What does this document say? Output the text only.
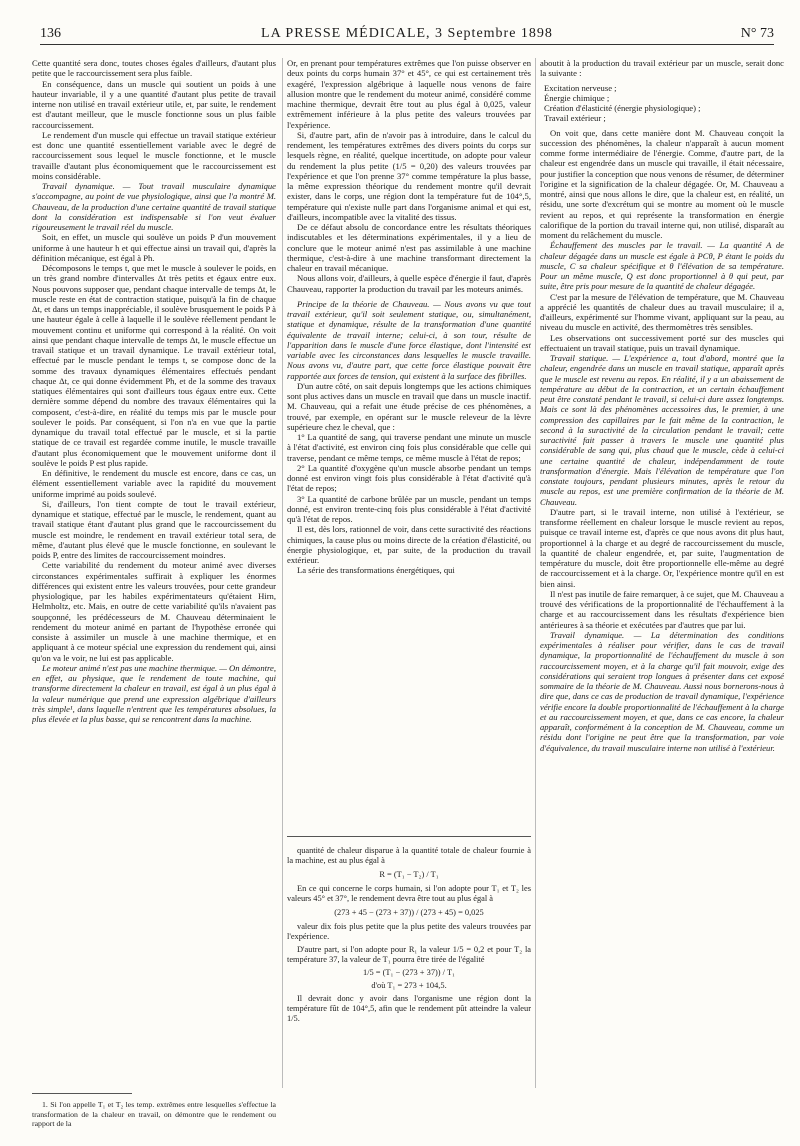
136	LA PRESSE MÉDICALE, 3 Septembre 1898	N° 73

Cette quantité sera donc, toutes choses égales d'ailleurs, d'autant plus petite que le raccourcissement sera plus faible.

En conséquence, dans un muscle qui soutient un poids à une hauteur invariable, il y a une quantité d'autant plus petite de travail interne non utilisé en travail extérieur utile, et, par suite, le rendement est d'autant meilleur, que le muscle fonctionne sous un plus faible raccourcissement.

Le rendement d'un muscle qui effectue un travail statique extérieur est donc une quantité essentiellement variable avec le degré de raccourcissement sous lequel le muscle fonctionne, et le muscle travaille d'autant plus économiquement que le raccourcissement est moins considérable.

Travail dynamique. — Tout travail musculaire dynamique s'accompagne, au point de vue physiologique, ainsi que l'a montré M. Chauveau, de la production d'une certaine quantité de travail statique dont la considération est indispensable si l'on veut évaluer rigoureusement le travail réel du muscle.

Soit, en effet, un muscle qui soulève un poids P d'un mouvement uniforme à une hauteur h et qui effectue ainsi un travail qui, d'après la définition mécanique, est égal à Ph.

Décomposons le temps t, que met le muscle à soulever le poids, en un très grand nombre d'intervalles Δt très petits et égaux entre eux. Nous pouvons supposer que, pendant chaque intervalle de temps Δt, le muscle reste en état de contraction statique, puisqu'à la fin de chaque Δt, et dans un temps inappréciable, il soulève brusquement le poids P à une hauteur égale à celle à laquelle il le soulève réellement pendant le mouvement continu et uniforme qui correspond à la réalité. On voit ainsi que pendant chaque intervalle de temps Δt, le muscle effectue un travail statique et un travail dynamique. Le travail extérieur total, effectué par le muscle pendant le temps t, se compose donc de la somme des travaux dynamiques élémentaires effectués pendant chaque Δt, ce qui donne évidemment Ph, et de la somme des travaux statiques élémentaires qui sont d'ailleurs tous égaux entre eux. Cette dernière somme dépend du nombre des travaux élémentaires qui la composent, c'est-à-dire, en réalité du temps mis par le muscle pour soulever le poids. Par conséquent, si l'on n'a en vue que la partie dynamique du travail total effectué par le muscle, et si la partie statique de ce travail est regardée comme inutile, le muscle travaille d'autant plus économiquement que le mouvement uniforme dont il soulève le poids P est plus rapide.

En définitive, le rendement du muscle est encore, dans ce cas, un élément essentiellement variable avec la rapidité du mouvement uniforme imprimé au poids soulevé.

Si, d'ailleurs, l'on tient compte de tout le travail extérieur, dynamique et statique, effectué par le muscle, le rendement, quant au travail statique étant d'autant plus grand que le raccourcissement du muscle est moindre, le rendement en travail extérieur total sera, de même, d'autant plus élevé que le muscle fonctionne, en soulevant le poids P, entre des limites de raccourcissement moindres.

Cette variabilité du rendement du moteur animé avec diverses circonstances expérimentales suffirait à expliquer les énormes différences qui existent entre les valeurs trouvées, pour cette grandeur physiologique, par les habiles expérimentateurs qu'étaient Hirn, Helmholtz, etc. Mais, en outre de cette variabilité qu'ils n'avaient pas soupçonné, les prédécesseurs de M. Chauveau déterminaient le rendement du moteur animé en partant de l'hypothèse erronée qui consiste à assimiler un muscle à une machine thermique, et en appliquant à ce moteur spécial une expression du rendement qui, ainsi qu'on va le voir, ne lui est pas applicable.

Le moteur animé n'est pas une machine thermique. — On démontre, en effet, au physique, que le rendement de toute machine, qui transforme directement la chaleur en travail, est égal à un plus égal à la valeur numérique que prend une expression algébrique d'ailleurs très simple¹, dans laquelle n'entrent que les températures absolues, la plus élevée et la plus basse, qui se rencontrent dans la machine.

Or, en prenant pour températures extrêmes que l'on puisse observer en deux points du corps humain 37° et 45°, ce qui est certainement très exagéré, l'expression algébrique à laquelle nous venons de faire allusion montre que le rendement du moteur animé, considéré comme machine thermique, devrait être tout au plus égal à 0,025, valeur extrêmement inférieure à la plus petite des valeurs trouvées par l'expérience.

Si, d'autre part, afin de n'avoir pas à introduire, dans le calcul du rendement, les températures extrêmes des divers points du corps sur lesquels règne, en réalité, quelque incertitude, on adopte pour valeur du rendement la plus petite (1/5 = 0,20) des valeurs trouvées par l'expérience et que l'on prenne 37° comme température la plus basse, la même expression théorique du rendement montre qu'il devrait exister, dans le corps, une région dont la température fut de 104°,5, température qui n'existe nulle part dans l'organisme animal et qui est, d'ailleurs, incompatible avec la vitalité des tissus.

De ce défaut absolu de concordance entre les résultats théoriques indiscutables et les déterminations expérimentales, il y a lieu de conclure que le moteur animé n'est pas assimilable à une machine thermique, c'est-à-dire à une machine transformant directement la chaleur en travail mécanique.

Nous allons voir, d'ailleurs, à quelle espèce d'énergie il faut, d'après Chauveau, rapporter la production du travail par les moteurs animés.

Principe de la théorie de Chauveau. — Nous avons vu que tout travail extérieur, qu'il soit seulement statique, ou, simultanément, statique et dynamique, résulte de la transformation d'une quantité équivalente de travail interne; celui-ci, à son tour, résulte de l'apparition dans le muscle d'une force élastique, dont l'intensité est variable avec les circonstances dans lesquelles le muscle travaille. Nous avons vu, d'autre part, que cette force élastique pouvait être rapportée aux forces de tension, qui existent à la surface des fibrilles.

D'un autre côté, on sait depuis longtemps que les actions chimiques sont plus actives dans un muscle en travail que dans un muscle inactif. M. Chauveau, qui a refait une étude précise de ces phénomènes, a trouvé, par exemple, en opérant sur le muscle releveur de la lèvre supérieure chez le cheval, que :

1° La quantité de sang, qui traverse pendant une minute un muscle à l'état d'activité, est environ cinq fois plus considérable que celle qui traverse, pendant ce même temps, ce même muscle à l'état de repos;

2° La quantité d'oxygène qu'un muscle absorbe pendant un temps donné est environ vingt fois plus considérable à l'état d'activité qu'à l'état de repos;

3° La quantité de carbone brûlée par un muscle, pendant un temps donné, est environ trente-cinq fois plus considérable à l'état d'activité qu'à l'état de repos.

Il est, dès lors, rationnel de voir, dans cette suractivité des réactions chimiques, la cause plus ou moins directe de la création d'élasticité, ou énergie physiologique, et, par suite, de la production du travail extérieur.

La série des transformations énergétiques, qui

quantité de chaleur disparue à la quantité totale de chaleur fournie à la machine, est au plus égal à

R = (T₁ − T₂) / T₁

En ce qui concerne le corps humain, si l'on adopte pour T₁ et T₂ les valeurs 45° et 37°, le rendement devra être tout au plus égal à

(273 + 45 − (273 + 37)) / (273 + 45) = 0,025

valeur dix fois plus petite que la plus petite des valeurs trouvées par l'expérience.

D'autre part, si l'on adopte pour R₁ la valeur 1/5 = 0,2 et pour T₂ la température 37, la valeur de T₁ pourra être tirée de l'égalité

1/5 = (T₁ − (273 + 37)) / T₁

d'où T₁ = 273 + 104,5.

Il devrait donc y avoir dans l'organisme une région dont la température fût de 104°,5, afin que le rendement pût atteindre la valeur 1/5.

1. Si l'on appelle T₁ et T₂ les temp. extrêmes entre lesquelles s'effectue la transformation de la chaleur en travail, on démontre que le rendement ou rapport de la

aboutit à la production du travail extérieur par un muscle, serait donc la suivante :

Excitation nerveuse ;

Énergie chimique ;

Création d'élasticité (énergie physiologique) ;

Travail extérieur ;

On voit que, dans cette manière dont M. Chauveau conçoit la succession des phénomènes, la chaleur n'apparaît à aucun moment comme forme intermédiaire de l'énergie. Comme, d'autre part, de la chaleur est engendrée dans un muscle qui travaille, il était nécessaire, pour justifier la conception que nous venons de résumer, de déterminer l'origine et la signification de la chaleur dégagée. Or, M. Chauveau a montré, ainsi que nous allons le dire, que la chaleur est, en réalité, un résidu, une sorte d'excrétum qui se montre au moment où le muscle revient au repos, et qui représente la transformation en énergie calorifique de la portion du travail interne qui, non utilisé, disparaît au moment du relâchement du muscle.

Échauffement des muscles par le travail. — La quantité A de chaleur dégagée dans un muscle est égale à PCθ, P étant le poids du muscle, C sa chaleur spécifique et θ l'élévation de sa température. Pour un même muscle, Q est donc proportionnel à θ qui peut, par suite, être pris pour mesure de la quantité de chaleur dégagée.

C'est par la mesure de l'élévation de température, que M. Chauveau a apprécié les quantités de chaleur dues au travail musculaire; il a, d'ailleurs, expérimenté sur l'homme vivant, appliquant sur la peau, au niveau du muscle en activité, des thermomètres très sensibles.

Les observations ont successivement porté sur des muscles qui effectuaient un travail statique, puis un travail dynamique.

Travail statique. — L'expérience a, tout d'abord, montré que la chaleur, engendrée dans un muscle en travail statique, apparaît après que le muscle est revenu au repos. En réalité, il y a un abaissement de température au début de la contraction, et un certain échauffement peut être constaté pendant le travail, si celui-ci dure assez longtemps. Mais ce sont là des phénomènes accessoires dus, le premier, à une compression des capillaires par le fait même de la contraction, le second à la suractivité de la circulation pendant le travail; cette suractivité fait passer à travers le muscle une quantité plus considérable de sang qui, plus chaud que le muscle, cède à celui-ci une certaine quantité de chaleur, indépendamment de toute transformation d'énergie. Mais l'élévation de température que l'on constate toujours, pendant plusieurs minutes, après le retour du muscle au repos, est une première confirmation de la théorie de M. Chauveau.

D'autre part, si le travail interne, non utilisé à l'extérieur, se transforme réellement en chaleur lorsque le muscle revient au repos, puisque ce travail interne est, d'après ce que nous avons dit plus haut, proportionnel à la charge et au degré de raccourcissement du muscle, la quantité de chaleur engendrée, et, par suite, l'augmentation de température du muscle, doit être proportionnelle elle-même au degré de raccourcissement et à la charge. Or, l'expérience montre qu'il en est bien ainsi.

Il n'est pas inutile de faire remarquer, à ce sujet, que M. Chauveau a trouvé des vérifications de la proportionnalité de l'échauffement à la charge et au raccourcissement dans les résultats d'expérience bien antérieures à sa théorie et exécutées par d'autres que par lui.

Travail dynamique. — La détermination des conditions expérimentales à réaliser pour vérifier, dans le cas de travail dynamique, la proportionnalité de l'échauffement du muscle à son raccourcissement moyen, et à la charge qu'il fait mouvoir, exige des considérations qui seraient trop longues à présenter dans cet exposé sommaire de la théorie de M. Chauveau. Aussi nous bornerons-nous à dire que, dans ce cas de production de travail dynamique, l'expérience vérifie encore la double proportionnalité de l'échauffement à la charge et au raccourcissement moyen, et que, dans ce cas encore, la chaleur apparaît, conformément à la conception de M. Chauveau, comme un résidu dont l'origine ne peut être que la transformation, par voie d'équivalence, du travail musculaire interne non utilisé à l'extérieur.
